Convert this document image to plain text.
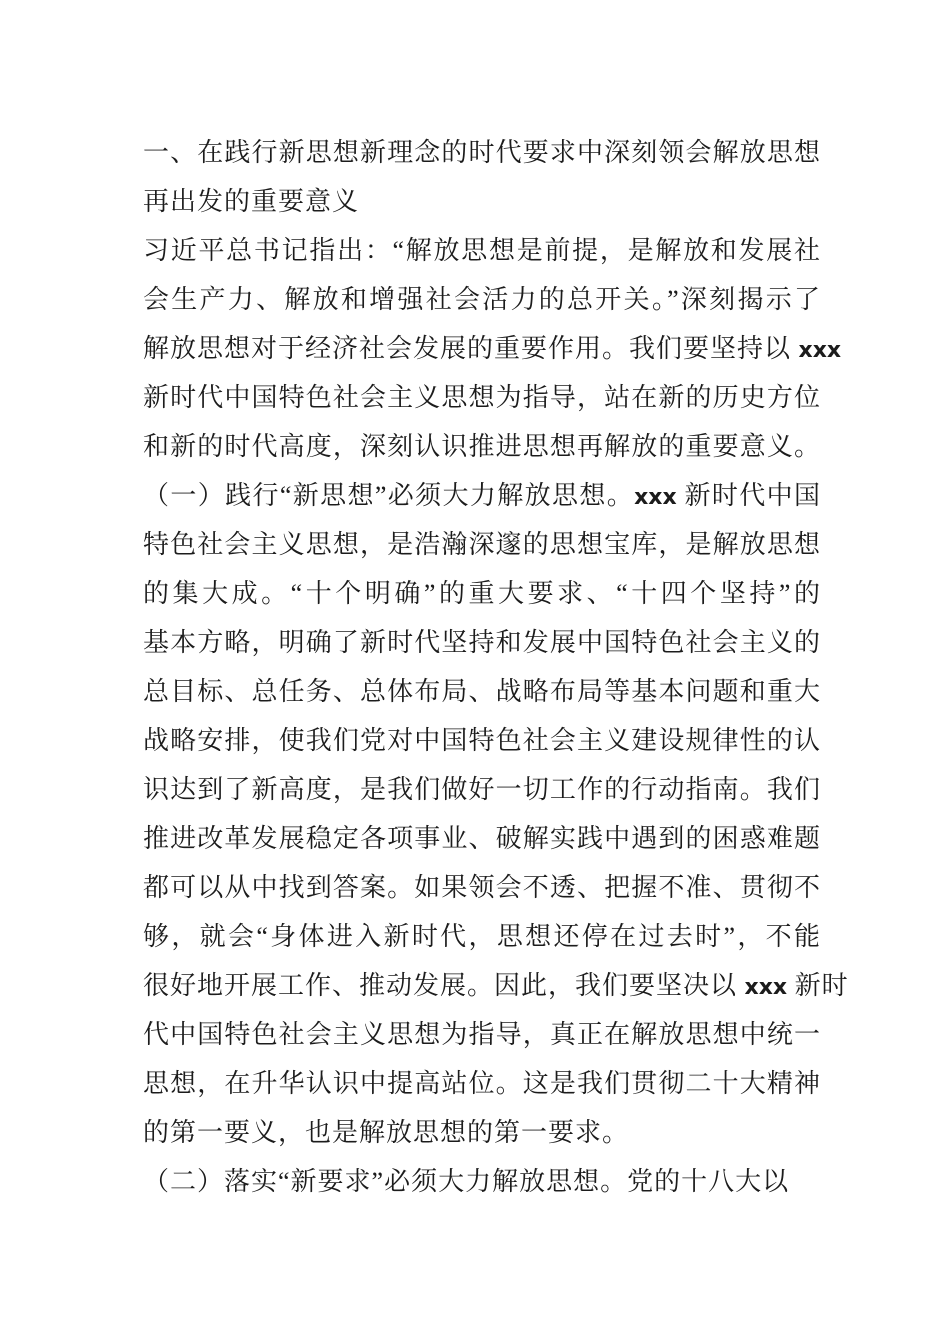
一、在践行新思想新理念的时代要求中深刻领会解放思想
再出发的重要意义
习近平总书记指出：“解放思想是前提，是解放和发展社
会生产力、解放和增强社会活力的总开关。”深刻揭示了
解放思想对于经济社会发展的重要作用。我们要坚持以 xxx
新时代中国特色社会主义思想为指导，站在新的历史方位
和新的时代高度，深刻认识推进思想再解放的重要意义。
（一）践行“新思想”必须大力解放思想。xxx 新时代中国
特色社会主义思想，是浩瀚深邃的思想宝库，是解放思想
的集大成。“十个明确”的重大要求、“十四个坚持”的
基本方略，明确了新时代坚持和发展中国特色社会主义的
总目标、总任务、总体布局、战略布局等基本问题和重大
战略安排，使我们党对中国特色社会主义建设规律性的认
识达到了新高度，是我们做好一切工作的行动指南。我们
推进改革发展稳定各项事业、破解实践中遇到的困惑难题
都可以从中找到答案。如果领会不透、把握不准、贯彻不
够，就会“身体进入新时代，思想还停在过去时”，不能
很好地开展工作、推动发展。因此，我们要坚决以 xxx 新时
代中国特色社会主义思想为指导，真正在解放思想中统一
思想，在升华认识中提高站位。这是我们贯彻二十大精神
的第一要义，也是解放思想的第一要求。
（二）落实“新要求”必须大力解放思想。党的十八大以
